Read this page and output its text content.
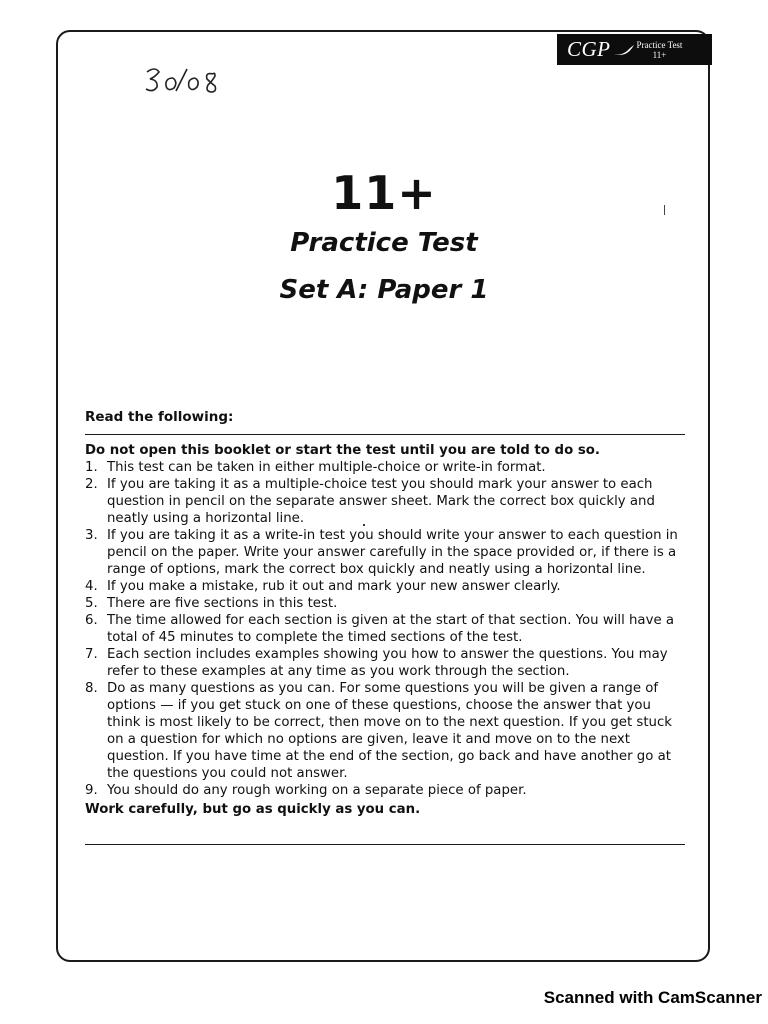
CGP	Practice Test
11+
11+
Practice Test
Set A: Paper 1
Read the following:
Do not open this booklet or start the test until you are told to do so.
1. This test can be taken in either multiple-choice or write-in format.
2. If you are taking it as a multiple-choice test you should mark your answer to each question in pencil on the separate answer sheet. Mark the correct box quickly and neatly using a horizontal line.
3. If you are taking it as a write-in test you should write your answer to each question in pencil on the paper. Write your answer carefully in the space provided or, if there is a range of options, mark the correct box quickly and neatly using a horizontal line.
4. If you make a mistake, rub it out and mark your new answer clearly.
5. There are five sections in this test.
6. The time allowed for each section is given at the start of that section. You will have a total of 45 minutes to complete the timed sections of the test.
7. Each section includes examples showing you how to answer the questions. You may refer to these examples at any time as you work through the section.
8. Do as many questions as you can. For some questions you will be given a range of options — if you get stuck on one of these questions, choose the answer that you think is most likely to be correct, then move on to the next question. If you get stuck on a question for which no options are given, leave it and move on to the next question. If you have time at the end of the section, go back and have another go at the questions you could not answer.
9. You should do any rough working on a separate piece of paper.
Work carefully, but go as quickly as you can.
Scanned with CamScanner
